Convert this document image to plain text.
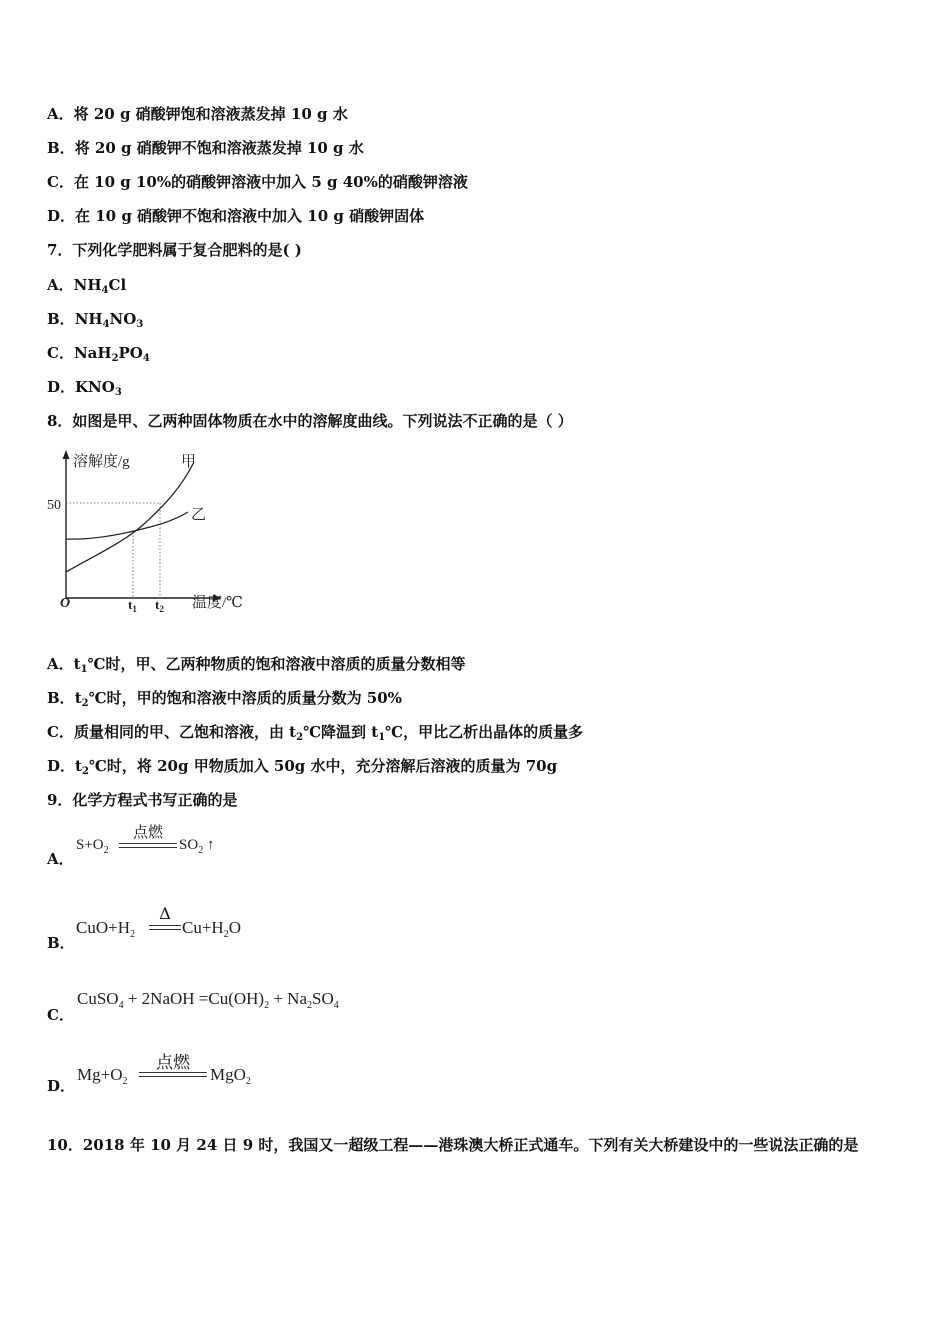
A．将 20 g 硝酸钾饱和溶液蒸发掉 10 g 水
B．将 20 g 硝酸钾不饱和溶液蒸发掉 10 g 水
C．在 10 g 10%的硝酸钾溶液中加入 5 g 40%的硝酸钾溶液
D．在 10 g 硝酸钾不饱和溶液中加入 10 g 硝酸钾固体
7．下列化学肥料属于复合肥料的是( )
A．$NH_4Cl$
B．$NH_4NO_3$
C．$NaH_2PO_4$
D．$KNO_3$
8．如图是甲、乙两种固体物质在水中的溶解度曲线。下列说法不正确的是（ ）
溶解度/g	甲
乙
50
O	$t_1$ $t_2$ 温度/℃
A．$t_1℃$时，甲、乙两种物质的饱和溶液中溶质的质量分数相等
B．$t_2℃$时，甲的饱和溶液中溶质的质量分数为 50%
C．质量相同的甲、乙饱和溶液，由 $t_2℃$降温到 $t_1℃$，甲比乙析出晶体的质量多
D．$t_2℃$时，将 20g 甲物质加入 50g 水中，充分溶解后溶液的质量为 70g
9．化学方程式书写正确的是
A．
$S+O_2$
点燃
$SO_2$ ↑
B．
$CuO+H_2$
Δ
$Cu+H_2O$
C．
CuSO$_4$ + 2NaOH $=Cu(OH)_2 + Na_2SO_4$
D．
$Mg+O_2$
点燃
MgO$_2$
10．2018 年 10 月 24 日 9 时，我国又一超级工程——港珠澳大桥正式通车。下列有关大桥建设中的一些说法正确的是
